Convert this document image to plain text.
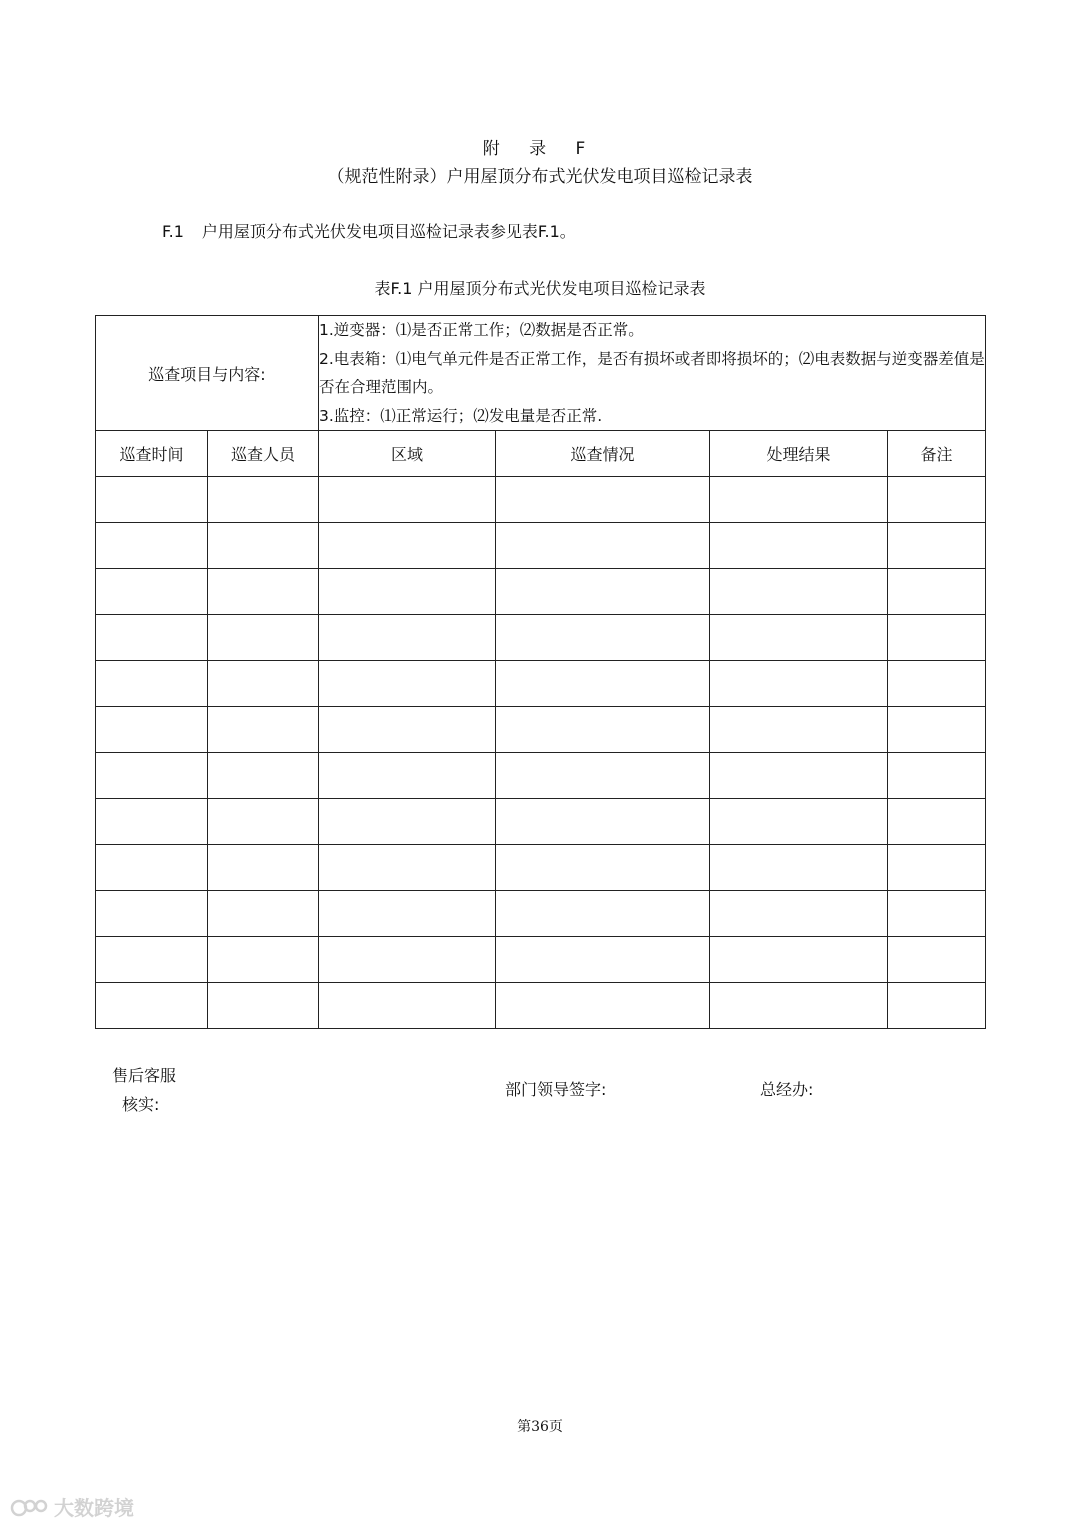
附 录 F
（规范性附录）户用屋顶分布式光伏发电项目巡检记录表
F.1 户用屋顶分布式光伏发电项目巡检记录表参见表F.1。
表F.1 户用屋顶分布式光伏发电项目巡检记录表
巡查项目与内容:		1.逆变器：⑴是否正常工作；⑵数据是否正常。
2.电表箱：⑴电气单元件是否正常工作，是否有损坏或者即将损坏的；⑵电表数据与逆变器差值是否在合理范围内。
3.监控：⑴正常运行；⑵发电量是否正常.			

巡查时间	巡查人员	区域	巡查情况	处理结果	备注

售后客服
核实:
部门领导签字:	总经办:
第36页
大数跨境
